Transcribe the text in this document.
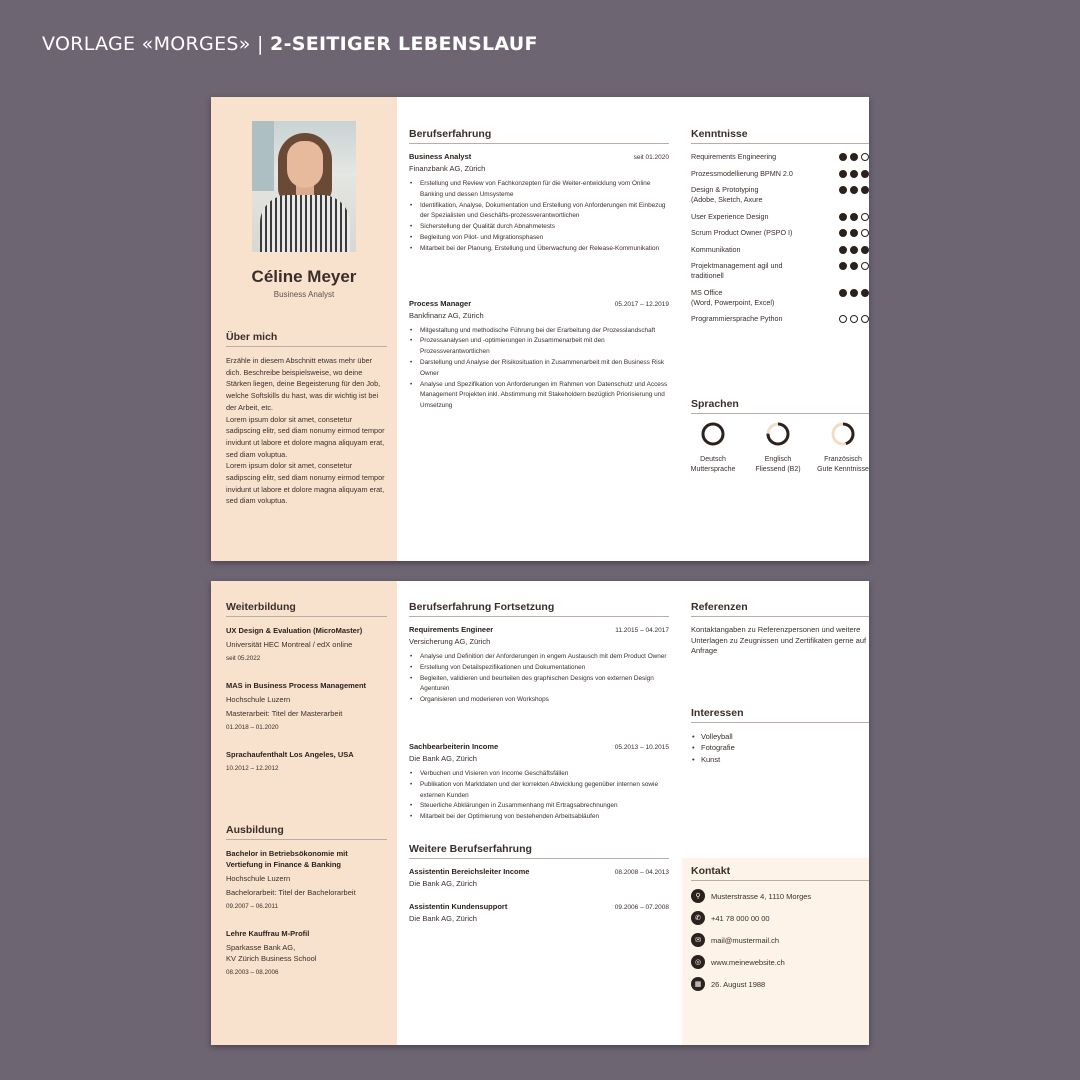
VORLAGE «MORGES» | 2-SEITIGER LEBENSLAUF
Céline Meyer
Business Analyst
Über mich
Erzähle in diesem Abschnitt etwas mehr über dich. Beschreibe beispielsweise, wo deine Stärken liegen, deine Begeisterung für den Job, welche Softskills du hast, was dir wichtig ist bei der Arbeit, etc.
Lorem ipsum dolor sit amet, consetetur sadipscing elitr, sed diam nonumy eirmod tempor invidunt ut labore et dolore magna aliquyam erat, sed diam voluptua.
Lorem ipsum dolor sit amet, consetetur sadipscing elitr, sed diam nonumy eirmod tempor invidunt ut labore et dolore magna aliquyam erat, sed diam voluptua.
Berufserfahrung
Business Analyst	seit 01.2020
Finanzbank AG, Zürich
• Erstellung und Review von Fachkonzepten für die Weiter-entwicklung vom Online Banking und dessen Umsysteme
• Identifikation, Analyse, Dokumentation und Erstellung von Anforderungen mit Einbezug der Spezialisten und Geschäfts-prozessverantwortlichen
• Sicherstellung der Qualität durch Abnahmetests
• Begleitung von Pilot- und Migrationsphasen
• Mitarbeit bei der Planung, Erstellung und Überwachung der Release-Kommunikation
Process Manager	05.2017 – 12.2019
Bankfinanz AG, Zürich
• Mitgestaltung und methodische Führung bei der Erarbeitung der Prozesslandschaft
• Prozessanalysen und -optimierungen in Zusammenarbeit mit den Prozessverantwortlichen
• Darstellung und Analyse der Risikosituation in Zusammenarbeit mit den Business Risk Owner
• Analyse und Spezifikation von Anforderungen im Rahmen von Datenschutz und Access Management Projekten inkl. Abstimmung mit Stakeholdern bezüglich Priorisierung und Umsetzung
Kenntnisse
Requirements Engineering
Prozessmodellierung BPMN 2.0
Design & Prototyping
(Adobe, Sketch, Axure
User Experience Design
Scrum Product Owner (PSPO I)
Kommunikation
Projektmanagement agil und traditionell
MS Office
(Word, Powerpoint, Excel)
Programmiersprache Python
Sprachen
Deutsch
Muttersprache
Englisch
Fliessend (B2)
Französisch
Gute Kenntnisse
Weiterbildung
UX Design & Evaluation (MicroMaster)
Universität HEC Montreal / edX online
seit 05.2022
MAS in Business Process Management
Hochschule Luzern
Masterarbeit: Titel der Masterarbeit
01.2018 – 01.2020
Sprachaufenthalt Los Angeles, USA
10.2012 – 12.2012
Ausbildung
Bachelor in Betriebsökonomie mit
Vertiefung in Finance & Banking
Hochschule Luzern
Bachelorarbeit: Titel der Bachelorarbeit
09.2007 – 06.2011
Lehre Kauffrau M-Profil
Sparkasse Bank AG,
KV Zürich Business School
08.2003 – 08.2006
Berufserfahrung Fortsetzung
Requirements Engineer	11.2015 – 04.2017
Versicherung AG, Zürich
• Analyse und Definition der Anforderungen in engem Austausch mit dem Product Owner
• Erstellung von Detailspezifikationen und Dokumentationen
• Begleiten, validieren und beurteilen des graphischen Designs von externen Design Agenturen
• Organisieren und moderieren von Workshops
Sachbearbeiterin Income	05.2013 – 10.2015
Die Bank AG, Zürich
• Verbuchen und Visieren von Income Geschäftsfällen
• Publikation von Marktdaten und der korrekten Abwicklung gegenüber internen sowie externen Kunden
• Steuerliche Abklärungen in Zusammenhang mit Ertragsabrechnungen
• Mitarbeit bei der Optimierung von bestehenden Arbeitsabläufen
Weitere Berufserfahrung
Assistentin Bereichsleiter Income	08.2008 – 04.2013
Die Bank AG, Zürich
Assistentin Kundensupport	09.2006 – 07.2008
Die Bank AG, Zürich
Referenzen
Kontaktangaben zu Referenzpersonen und weitere Unterlagen zu Zeugnissen und Zertifikaten gerne auf Anfrage
Interessen
• Volleyball
• Fotografie
• Kunst
Kontakt
⚲ Musterstrasse 4, 1110 Morges
✆ +41 78 000 00 00
✉ mail@mustermail.ch
◎ www.meinewebsite.ch
▦ 26. August 1988
